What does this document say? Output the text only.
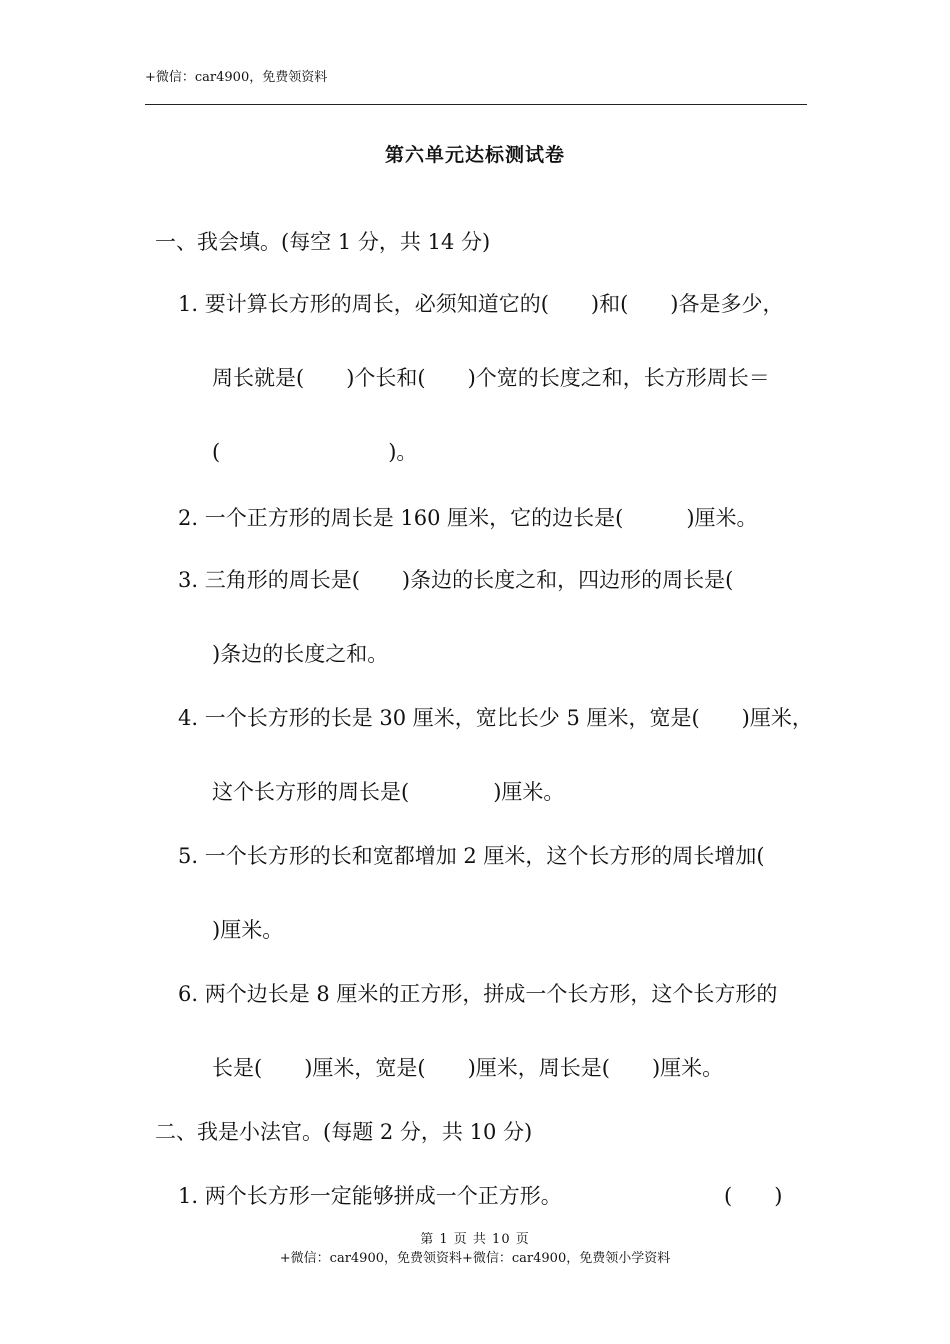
+微信：car4900，免费领资料
第六单元达标测试卷
一、我会填。(每空 1 分，共 14 分)
1. 要计算长方形的周长，必须知道它的(　　)和(　　)各是多少，
周长就是(　　)个长和(　　)个宽的长度之和，长方形周长＝
(　　　　　　　　)。
2. 一个正方形的周长是 160 厘米，它的边长是(　　　)厘米。
3. 三角形的周长是(　　)条边的长度之和，四边形的周长是(
)条边的长度之和。
4. 一个长方形的长是 30 厘米，宽比长少 5 厘米，宽是(　　)厘米，
这个长方形的周长是(　　　　)厘米。
5. 一个长方形的长和宽都增加 2 厘米，这个长方形的周长增加(
)厘米。
6. 两个边长是 8 厘米的正方形，拼成一个长方形，这个长方形的
长是(　　)厘米，宽是(　　)厘米，周长是(　　)厘米。
二、我是小法官。(每题 2 分，共 10 分)
1. 两个长方形一定能够拼成一个正方形。	(　　)
第 1 页 共 10 页
+微信：car4900，免费领资料+微信：car4900，免费领小学资料
